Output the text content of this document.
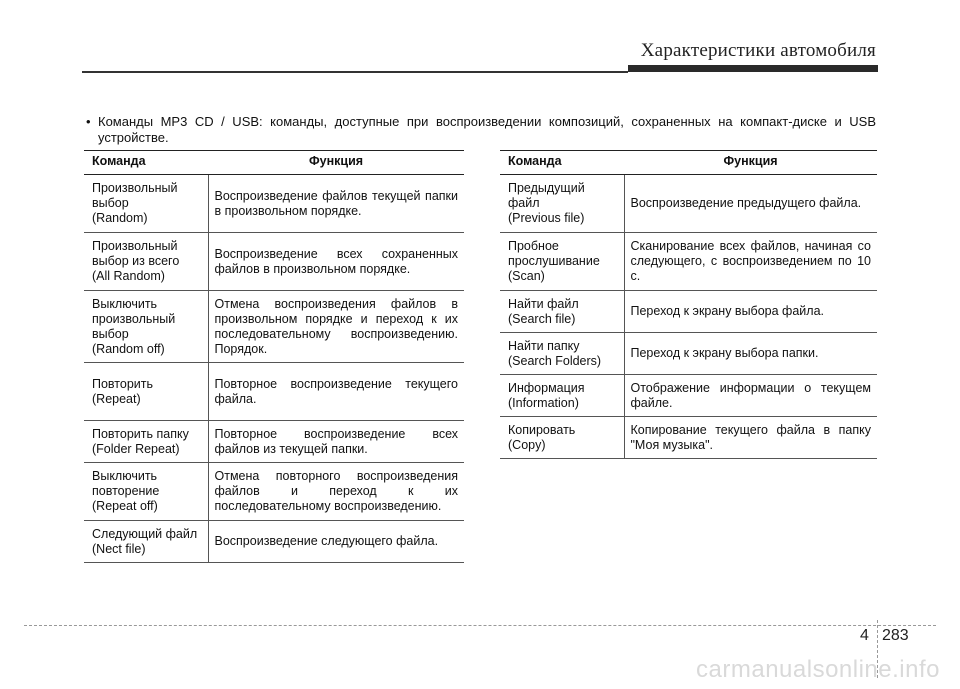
Характеристики автомобиля
• Команды MP3 CD / USB: команды, доступные при воспроизведении композиций, сохраненных на компакт-диске и USB устройстве.
Команда	Функция

Произвольный
выбор
(Random)	Воспроизведение файлов текущей папки в произвольном порядке.

Произвольный
выбор из всего
(All Random)	Воспроизведение всех сохраненных файлов в произвольном порядке.

Выключить
произвольный
выбор
(Random off)	Отмена воспроизведения файлов в произвольном порядке и переход к их последовательному воспроизведению. Порядок.

Повторить
(Repeat)	Повторное воспроизведение текущего файла.

Повторить папку
(Folder Repeat)	Повторное воспроизведение всех файлов из текущей папки.

Выключить
повторение
(Repeat off)	Отмена повторного воспроизведения файлов и переход к их последовательному воспроизведению.

Следующий файл
(Nect file)	Воспроизведение следующего файла.
Команда	Функция

Предыдущий
файл
(Previous file)	Воспроизведение предыдущего файла.

Пробное
прослушивание
(Scan)	Сканирование всех файлов, начиная со следующего, с воспроизведением по 10 с.

Найти файл
(Search file)	Переход к экрану выбора файла.

Найти папку
(Search Folders)	Переход к экрану выбора папки.

Информация
(Information)	Отображение информации о текущем файле.

Копировать
(Copy)	Копирование текущего файла в папку "Моя музыка".
4 283
carmanualsonline.info
